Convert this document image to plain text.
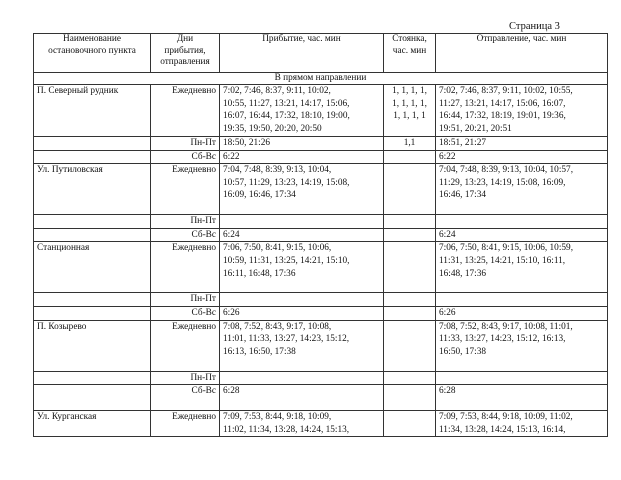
Страница 3
Наименование
остановочного пункта	Дни
прибытия,
отправления	Прибытие, час. мин	Стоянка,
час. мин	Отправление, час. мин
В прямом направлении				
П. Северный рудник	Ежедневно	7:02, 7:46, 8:37, 9:11, 10:02,
10:55, 11:27, 13:21, 14:17, 15:06,
16:07, 16:44, 17:32, 18:10, 19:00,
19:35, 19:50, 20:20, 20:50	1, 1, 1, 1,
1, 1, 1, 1,
1, 1, 1, 1	7:02, 7:46, 8:37, 9:11, 10:02, 10:55,
11:27, 13:21, 14:17, 15:06, 16:07,
16:44, 17:32, 18:19, 19:01, 19:36,
19:51, 20:21, 20:51
	Пн-Пт	18:50, 21:26	1,1	18:51, 21:27
	Сб-Вс	6:22		6:22
Ул. Путиловская	Ежедневно	7:04, 7:48, 8:39, 9:13, 10:04,
10:57, 11:29, 13:23, 14:19, 15:08,
16:09, 16:46, 17:34		7:04, 7:48, 8:39, 9:13, 10:04, 10:57,
11:29, 13:23, 14:19, 15:08, 16:09,
16:46, 17:34
	Пн-Пт			
	Сб-Вс	6:24		6:24
Станционная	Ежедневно	7:06, 7:50, 8:41, 9:15, 10:06,
10:59, 11:31, 13:25, 14:21, 15:10,
16:11, 16:48, 17:36		7:06, 7:50, 8:41, 9:15, 10:06, 10:59,
11:31, 13:25, 14:21, 15:10, 16:11,
16:48, 17:36
	Пн-Пт			
	Сб-Вс	6:26		6:26
П. Козырево	Ежедневно	7:08, 7:52, 8:43, 9:17, 10:08,
11:01, 11:33, 13:27, 14:23, 15:12,
16:13, 16:50, 17:38		7:08, 7:52, 8:43, 9:17, 10:08, 11:01,
11:33, 13:27, 14:23, 15:12, 16:13,
16:50, 17:38
	Пн-Пт			
	Сб-Вс	6:28		6:28
Ул. Курганская	Ежедневно	7:09, 7:53, 8:44, 9:18, 10:09,
11:02, 11:34, 13:28, 14:24, 15:13,		7:09, 7:53, 8:44, 9:18, 10:09, 11:02,
11:34, 13:28, 14:24, 15:13, 16:14,
